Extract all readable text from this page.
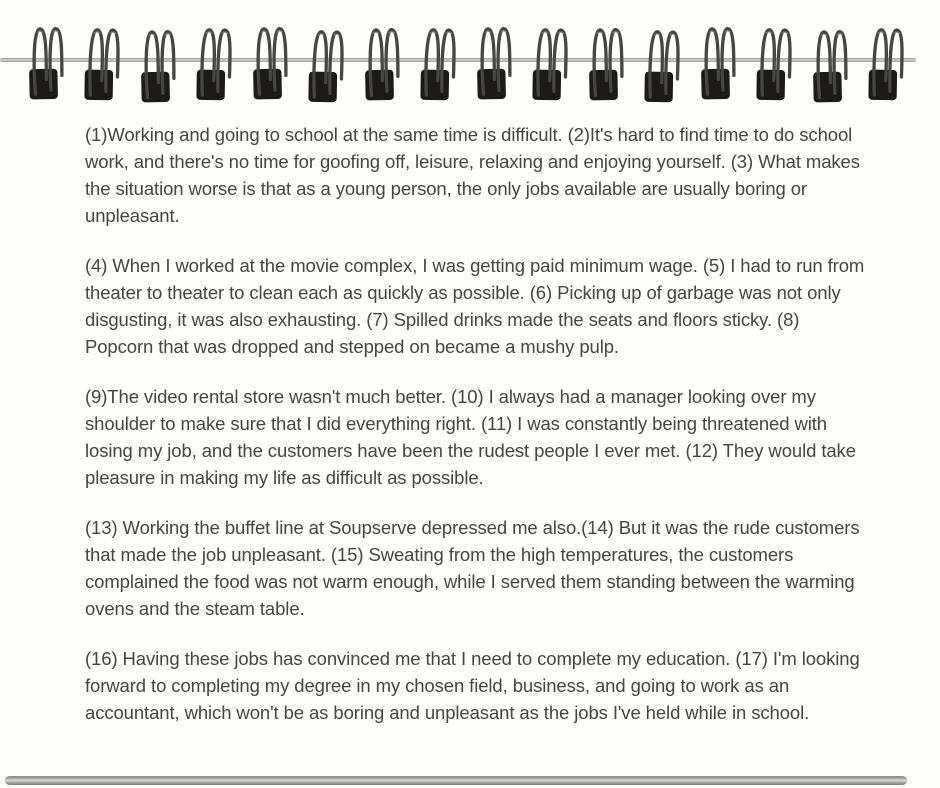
(1)Working and going to school at the same time is difficult. (2)It's hard to find time to do school work, and there's no time for goofing off, leisure, relaxing and enjoying yourself. (3) What makes the situation worse is that as a young person, the only jobs available are usually boring or unpleasant.

(4) When I worked at the movie complex, I was getting paid minimum wage. (5) I had to run from theater to theater to clean each as quickly as possible. (6) Picking up of garbage was not only disgusting, it was also exhausting. (7) Spilled drinks made the seats and floors sticky. (8) Popcorn that was dropped and stepped on became a mushy pulp.

(9)The video rental store wasn't much better. (10) I always had a manager looking over my shoulder to make sure that I did everything right. (11) I was constantly being threatened with losing my job, and the customers have been the rudest people I ever met. (12) They would take pleasure in making my life as difficult as possible.

(13) Working the buffet line at Soupserve depressed me also.(14) But it was the rude customers that made the job unpleasant. (15) Sweating from the high temperatures, the customers complained the food was not warm enough, while I served them standing between the warming ovens and the steam table.

(16) Having these jobs has convinced me that I need to complete my education. (17) I'm looking forward to completing my degree in my chosen field, business, and going to work as an accountant, which won't be as boring and unpleasant as the jobs I've held while in school.
